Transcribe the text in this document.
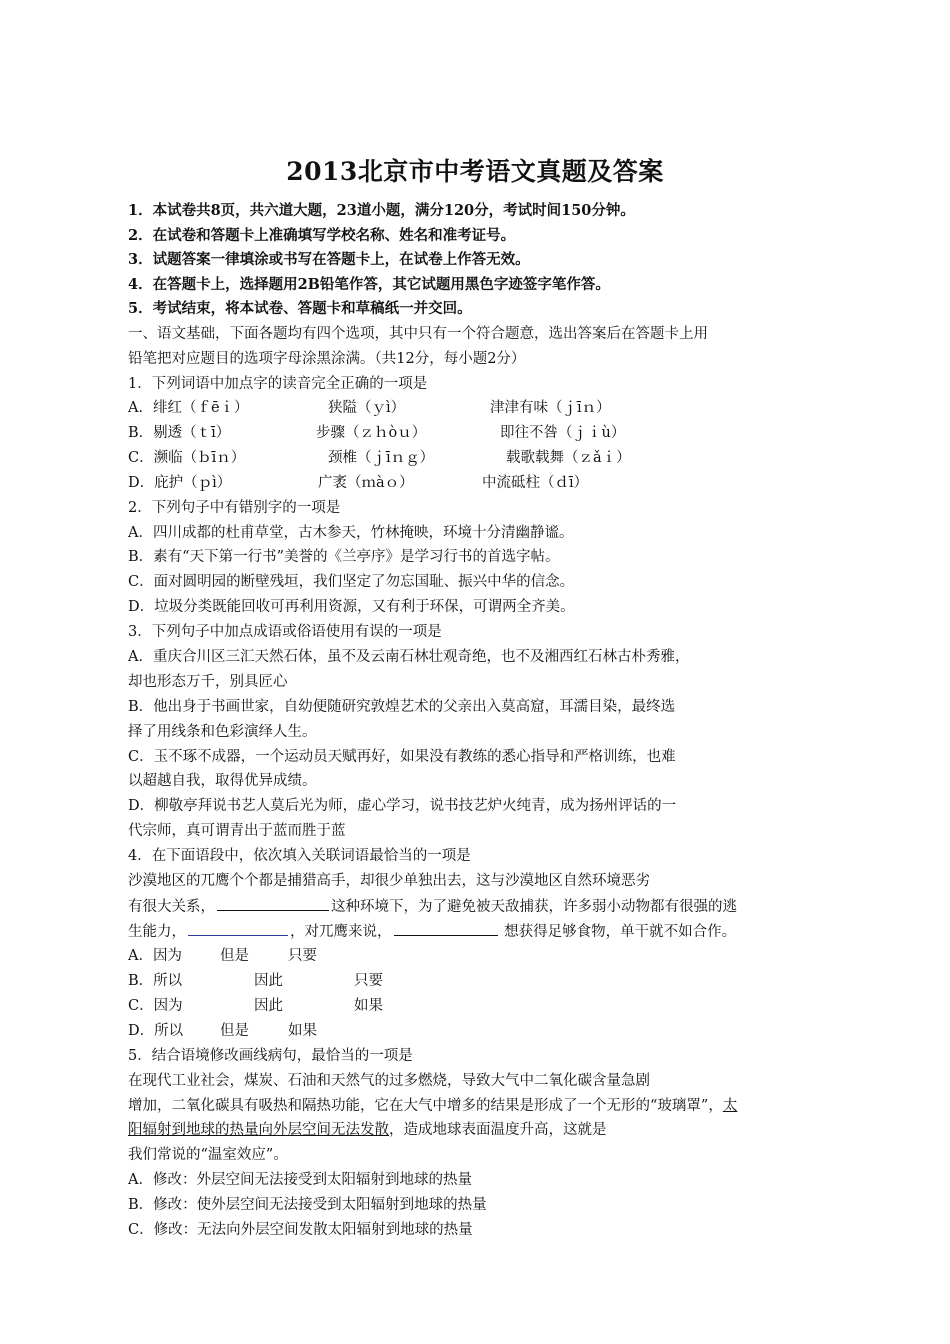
2013北京市中考语文真题及答案
1．本试卷共8页，共六道大题，23道小题，满分120分，考试时间150分钟。
2．在试卷和答题卡上准确填写学校名称、姓名和准考证号。
3．试题答案一律填涂或书写在答题卡上，在试卷上作答无效。
4．在答题卡上，选择题用2B铅笔作答，其它试题用黑色字迹签字笔作答。
5．考试结束，将本试卷、答题卡和草稿纸一并交回。
一、语文基础，下面各题均有四个选项，其中只有一个符合题意，选出答案后在答题卡上用
铅笔把对应题目的选项字母涂黑涂满。（共12分，每小题2分）
1．下列词语中加点字的读音完全正确的一项是
A．绯红（ｆēｉ）	狭隘（ｙì）	津津有味（ｊīｎ）
B．剔透（ｔī）	步骤（ｚｈòｕ）	即往不咎（ｊｉù）
C．濒临（ｂīｎ）	颈椎（ｊīｎｇ）	载歌载舞（ｚǎｉ）
D．庇护（ｐì）	广袤（ｍàｏ）	中流砥柱（ｄī）
2．下列句子中有错别字的一项是
A．四川成都的杜甫草堂，古木参天，竹林掩映，环境十分清幽静谧。
B．素有“天下第一行书”美誉的《兰亭序》是学习行书的首选字帖。
C．面对圆明园的断壁残垣，我们坚定了勿忘国耻、振兴中华的信念。
D．垃圾分类既能回收可再利用资源，又有利于环保，可谓两全齐美。
3．下列句子中加点成语或俗语使用有误的一项是
A．重庆合川区三汇天然石体，虽不及云南石林壮观奇绝，也不及湘西红石林古朴秀雅，
却也形态万千，别具匠心
B．他出身于书画世家，自幼便随研究敦煌艺术的父亲出入莫高窟，耳濡目染，最终选
择了用线条和色彩演绎人生。
C．玉不琢不成器，一个运动员天赋再好，如果没有教练的悉心指导和严格训练，也难
以超越自我，取得优异成绩。
D．柳敬亭拜说书艺人莫后光为师，虚心学习，说书技艺炉火纯青，成为扬州评话的一
代宗师，真可谓青出于蓝而胜于蓝
4．在下面语段中，依次填入关联词语最恰当的一项是
沙漠地区的兀鹰个个都是捕猎高手，却很少单独出去，这与沙漠地区自然环境恶劣
有很大关系，	这种环境下，为了避免被天敌捕获，许多弱小动物都有很强的逃
生能力，	，对兀鹰来说，	想获得足够食物，单干就不如合作。
A．因为	但是	只要
B．所以	因此	只要
C．因为	因此	如果
D．所以	但是	如果
5．结合语境修改画线病句，最恰当的一项是
在现代工业社会，煤炭、石油和天然气的过多燃烧，导致大气中二氧化碳含量急剧
增加，二氧化碳具有吸热和隔热功能，它在大气中增多的结果是形成了一个无形的“玻璃罩”，太
阳辐射到地球的热量向外层空间无法发散，造成地球表面温度升高，这就是
我们常说的“温室效应”。
A．修改：外层空间无法接受到太阳辐射到地球的热量
B．修改：使外层空间无法接受到太阳辐射到地球的热量
C．修改：无法向外层空间发散太阳辐射到地球的热量
